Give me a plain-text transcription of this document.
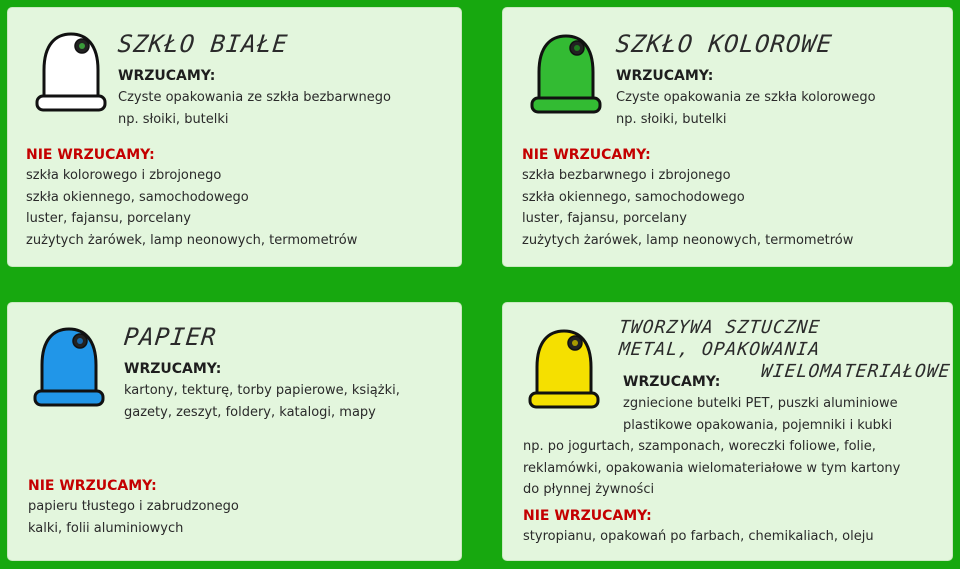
SZKŁO BIAŁE
WRZUCAMY:
Czyste opakowania ze szkła bezbarwnego
np. słoiki, butelki
NIE WRZUCAMY:
szkła kolorowego i zbrojonego
szkła okiennego, samochodowego
luster, fajansu, porcelany
zużytych żarówek, lamp neonowych, termometrów
SZKŁO KOLOROWE
WRZUCAMY:
Czyste opakowania ze szkła kolorowego
np. słoiki, butelki
NIE WRZUCAMY:
szkła bezbarwnego i zbrojonego
szkła okiennego, samochodowego
luster, fajansu, porcelany
zużytych żarówek, lamp neonowych, termometrów
PAPIER
WRZUCAMY:
kartony, tekturę, torby papierowe, książki,
gazety, zeszyt, foldery, katalogi, mapy
NIE WRZUCAMY:
papieru tłustego i zabrudzonego
kalki, folii aluminiowych
TWORZYWA SZTUCZNE
METAL, OPAKOWANIA
WIELOMATERIAŁOWE
WRZUCAMY:
zgniecione butelki PET, puszki aluminiowe
plastikowe opakowania, pojemniki i kubki
np. po jogurtach, szamponach, woreczki foliowe, folie,
reklamówki, opakowania wielomateriałowe w tym kartony
do płynnej żywności
NIE WRZUCAMY:
styropianu, opakowań po farbach, chemikaliach, oleju
